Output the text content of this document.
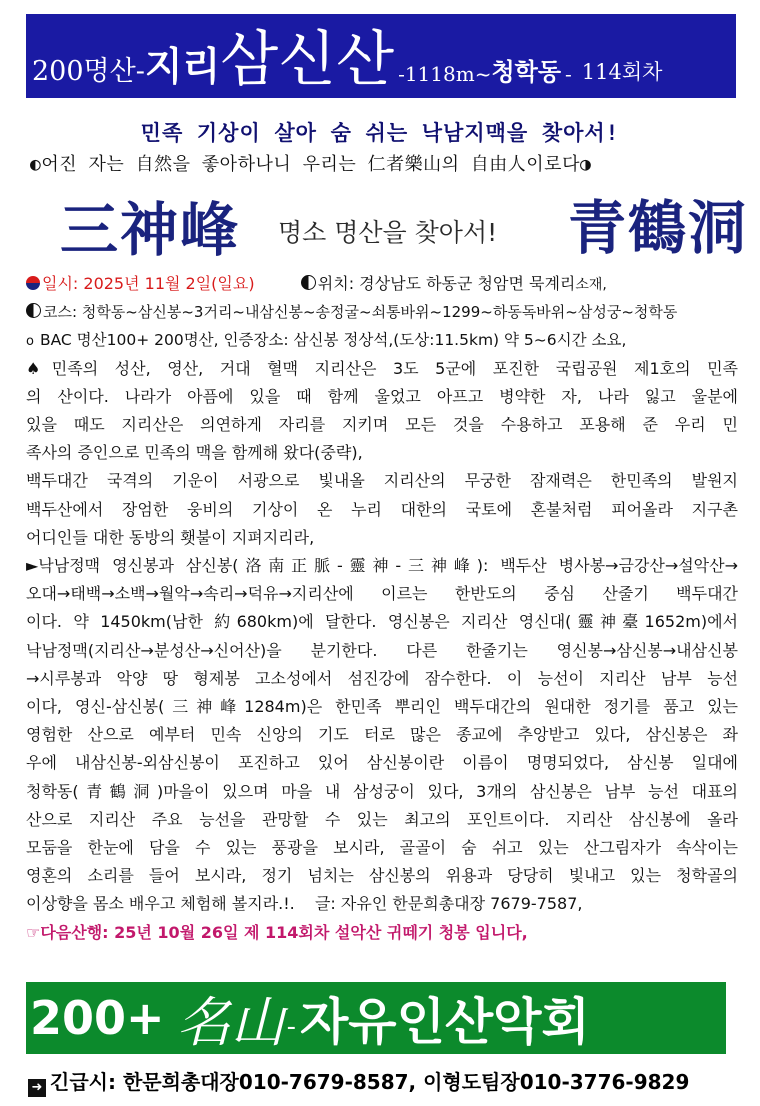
200명산- 지리 삼신산 -1118m~ 청학동 - 114회차
민족 기상이 살아 숨 쉬는 낙남지맥을 찾아서!
◐어진 자는 自然을 좋아하나니 우리는 仁者樂山의 自由人이로다◑
三神峰 명소 명산을 찾아서! 青鶴洞
일시: 2025년 11월 2일(일요)	위치: 경상남도 하동군 청암면 묵계리소재,
코스: 청학동~삼신봉~3거리~내삼신봉~송정굴~쇠통바위~1299~하동독바위~삼성궁~청학동
o BAC 명산100+ 200명산, 인증장소: 삼신봉 정상석,(도상:11.5km) 약 5~6시간 소요,
♠민족의 성산, 영산, 거대 혈맥 지리산은 3도 5군에 포진한 국립공원 제1호의 민족
의 산이다. 나라가 아픔에 있을 때 함께 울었고 아프고 병약한 자, 나라 잃고 울분에
있을 때도 지리산은 의연하게 자리를 지키며 모든 것을 수용하고 포용해 준 우리 민
족사의 증인으로 민족의 맥을 함께해 왔다(중략),
백두대간 국격의 기운이 서광으로 빛내올 지리산의 무궁한 잠재력은 한민족의 발원지
백두산에서 장엄한 웅비의 기상이 온 누리 대한의 국토에 혼불처럼 피어올라 지구촌
어디인들 대한 동방의 횃불이 지펴지리라,
►낙남정맥 영신봉과 삼신봉(洛南正脈-靈神-三神峰): 백두산 병사봉→금강산→설악산→
오대→태백→소백→월악→속리→덕유→지리산에 이르는 한반도의 중심 산줄기 백두대간
이다. 약 1450km(남한 約680km)에 달한다. 영신봉은 지리산 영신대(靈神臺1652m)에서
낙남정맥(지리산→분성산→신어산)을 분기한다. 다른 한줄기는 영신봉→삼신봉→내삼신봉
→시루봉과 악양 땅 형제봉 고소성에서 섬진강에 잠수한다. 이 능선이 지리산 남부 능선
이다, 영신-삼신봉(三神峰1284m)은 한민족 뿌리인 백두대간의 원대한 정기를 품고 있는
영험한 산으로 예부터 민속 신앙의 기도 터로 많은 종교에 추앙받고 있다, 삼신봉은 좌
우에 내삼신봉-외삼신봉이 포진하고 있어 삼신봉이란 이름이 명명되었다, 삼신봉 일대에
청학동(青鶴洞)마을이 있으며 마을 내 삼성궁이 있다, 3개의 삼신봉은 남부 능선 대표의
산으로 지리산 주요 능선을 관망할 수 있는 최고의 포인트이다. 지리산 삼신봉에 올라
모둠을 한눈에 담을 수 있는 풍광을 보시라, 골골이 숨 쉬고 있는 산그림자가 속삭이는
영혼의 소리를 들어 보시라, 정기 넘치는 삼신봉의 위용과 당당히 빛내고 있는 청학골의
이상향을 몸소 배우고 체험해 볼지라.!. 글: 자유인 한문희총대장 7679-7587,
☞다음산행: 25년 10월 26일 제 114회차 설악산 귀떼기 청봉 입니다,
200+ 名山 - 자유인산악회
➜ 긴급시: 한문희총대장010-7679-8587, 이형도팀장010-3776-9829
